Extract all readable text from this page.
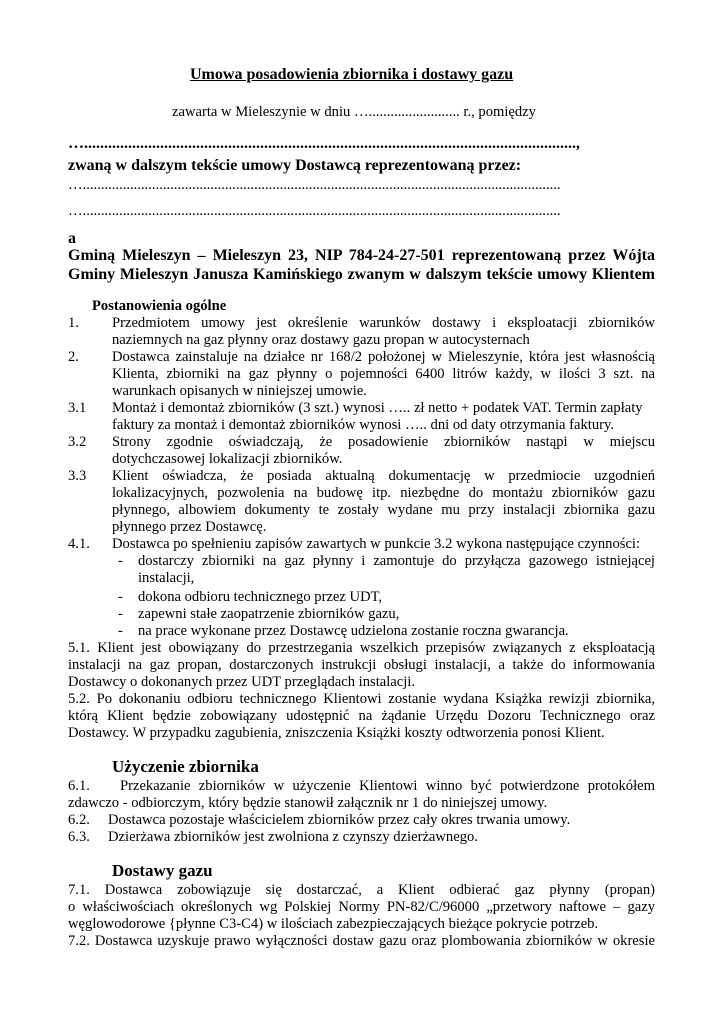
Umowa posadowienia zbiornika i dostawy gazu

zawarta w Mieleszynie w dniu …......................... r., pomiędzy

…...........................................................................................................................,

zwaną w dalszym tekście umowy Dostawcą reprezentowaną przez:

…...................................................................................................................................

…...................................................................................................................................

a

Gminą Mieleszyn – Mieleszyn 23, NIP 784-24-27-501 reprezentowaną przez Wójta

Gminy Mieleszyn Janusza Kamińskiego zwanym w dalszym tekście umowy Klientem

Postanowienia ogólne

1. Przedmiotem umowy jest określenie warunków dostawy i eksploatacji zbiorników

naziemnych na gaz płynny oraz dostawy gazu propan w autocysternach

2. Dostawca zainstaluje na działce nr 168/2 położonej w Mieleszynie, która jest własnością

Klienta, zbiorniki na gaz płynny o pojemności 6400 litrów każdy, w ilości 3 szt. na

warunkach opisanych w niniejszej umowie.

3.1 Montaż i demontaż zbiorników (3 szt.) wynosi ….. zł netto + podatek VAT. Termin zapłaty

faktury za montaż i demontaż zbiorników wynosi ….. dni od daty otrzymania faktury.

3.2 Strony zgodnie oświadczają, że posadowienie zbiorników nastąpi w miejscu

dotychczasowej lokalizacji zbiorników.

3.3 Klient oświadcza, że posiada aktualną dokumentację w przedmiocie uzgodnień

lokalizacyjnych, pozwolenia na budowę itp. niezbędne do montażu zbiorników gazu

płynnego, albowiem dokumenty te zostały wydane mu przy instalacji zbiornika gazu

płynnego przez Dostawcę.

4.1. Dostawca po spełnieniu zapisów zawartych w punkcie 3.2 wykona następujące czynności:

- dostarczy zbiorniki na gaz płynny i zamontuje do przyłącza gazowego istniejącej

instalacji,

- dokona odbioru technicznego przez UDT,

- zapewni stałe zaopatrzenie zbiorników gazu,

- na prace wykonane przez Dostawcę udzielona zostanie roczna gwarancja.

5.1. Klient jest obowiązany do przestrzegania wszelkich przepisów związanych z eksploatacją

instalacji na gaz propan, dostarczonych instrukcji obsługi instalacji, a także do informowania

Dostawcy o dokonanych przez UDT przeglądach instalacji.

5.2. Po dokonaniu odbioru technicznego Klientowi zostanie wydana Książka rewizji zbiornika,

którą Klient będzie zobowiązany udostępnić na żądanie Urzędu Dozoru Technicznego oraz

Dostawcy. W przypadku zagubienia, zniszczenia Książki koszty odtworzenia ponosi Klient.

Użyczenie zbiornika

6.1. Przekazanie zbiorników w użyczenie Klientowi winno być potwierdzone protokółem

zdawczo - odbiorczym, który będzie stanowił załącznik nr 1 do niniejszej umowy.

6.2. Dostawca pozostaje właścicielem zbiorników przez cały okres trwania umowy.

6.3. Dzierżawa zbiorników jest zwolniona z czynszy dzierżawnego.

Dostawy gazu

7.1. Dostawca zobowiązuje się dostarczać, a Klient odbierać gaz płynny (propan)

o właściwościach określonych wg Polskiej Normy PN-82/C/96000 „przetwory naftowe – gazy

węglowodorowe {płynne C3-C4) w ilościach zabezpieczających bieżące pokrycie potrzeb.

7.2. Dostawca uzyskuje prawo wyłączności dostaw gazu oraz plombowania zbiorników w okresie
